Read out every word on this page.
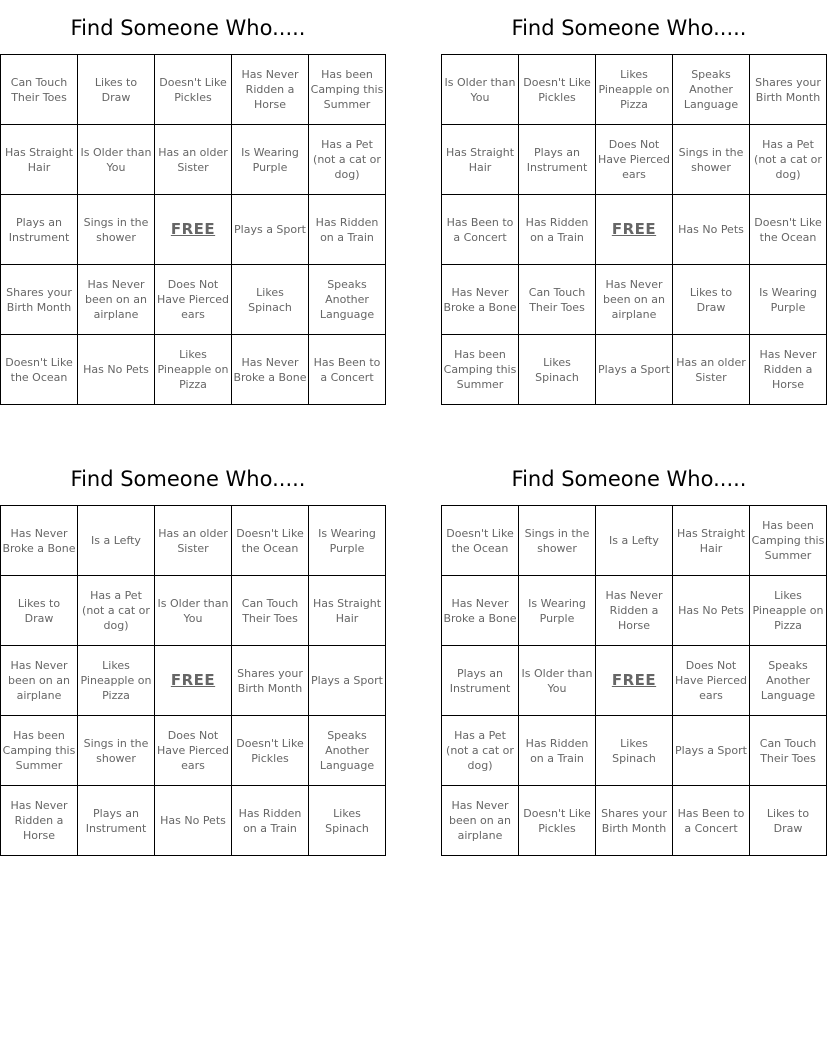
Find Someone Who.....
Can Touch Their Toes	Likes to Draw	Doesn't Like Pickles	Has Never Ridden a Horse	Has been Camping this Summer
Has Straight Hair	Is Older than You	Has an older Sister	Is Wearing Purple	Has a Pet (not a cat or dog)
Plays an Instrument	Sings in the shower	FREE	Plays a Sport	Has Ridden on a Train
Shares your Birth Month	Has Never been on an airplane	Does Not Have Pierced ears	Likes Spinach	Speaks Another Language
Doesn't Like the Ocean	Has No Pets	Likes Pineapple on Pizza	Has Never Broke a Bone	Has Been to a Concert
Find Someone Who.....
Is Older than You	Doesn't Like Pickles	Likes Pineapple on Pizza	Speaks Another Language	Shares your Birth Month
Has Straight Hair	Plays an Instrument	Does Not Have Pierced ears	Sings in the shower	Has a Pet (not a cat or dog)
Has Been to a Concert	Has Ridden on a Train	FREE	Has No Pets	Doesn't Like the Ocean
Has Never Broke a Bone	Can Touch Their Toes	Has Never been on an airplane	Likes to Draw	Is Wearing Purple
Has been Camping this Summer	Likes Spinach	Plays a Sport	Has an older Sister	Has Never Ridden a Horse
Find Someone Who.....
Has Never Broke a Bone	Is a Lefty	Has an older Sister	Doesn't Like the Ocean	Is Wearing Purple
Likes to Draw	Has a Pet (not a cat or dog)	Is Older than You	Can Touch Their Toes	Has Straight Hair
Has Never been on an airplane	Likes Pineapple on Pizza	FREE	Shares your Birth Month	Plays a Sport
Has been Camping this Summer	Sings in the shower	Does Not Have Pierced ears	Doesn't Like Pickles	Speaks Another Language
Has Never Ridden a Horse	Plays an Instrument	Has No Pets	Has Ridden on a Train	Likes Spinach
Find Someone Who.....
Doesn't Like the Ocean	Sings in the shower	Is a Lefty	Has Straight Hair	Has been Camping this Summer
Has Never Broke a Bone	Is Wearing Purple	Has Never Ridden a Horse	Has No Pets	Likes Pineapple on Pizza
Plays an Instrument	Is Older than You	FREE	Does Not Have Pierced ears	Speaks Another Language
Has a Pet (not a cat or dog)	Has Ridden on a Train	Likes Spinach	Plays a Sport	Can Touch Their Toes
Has Never been on an airplane	Doesn't Like Pickles	Shares your Birth Month	Has Been to a Concert	Likes to Draw
